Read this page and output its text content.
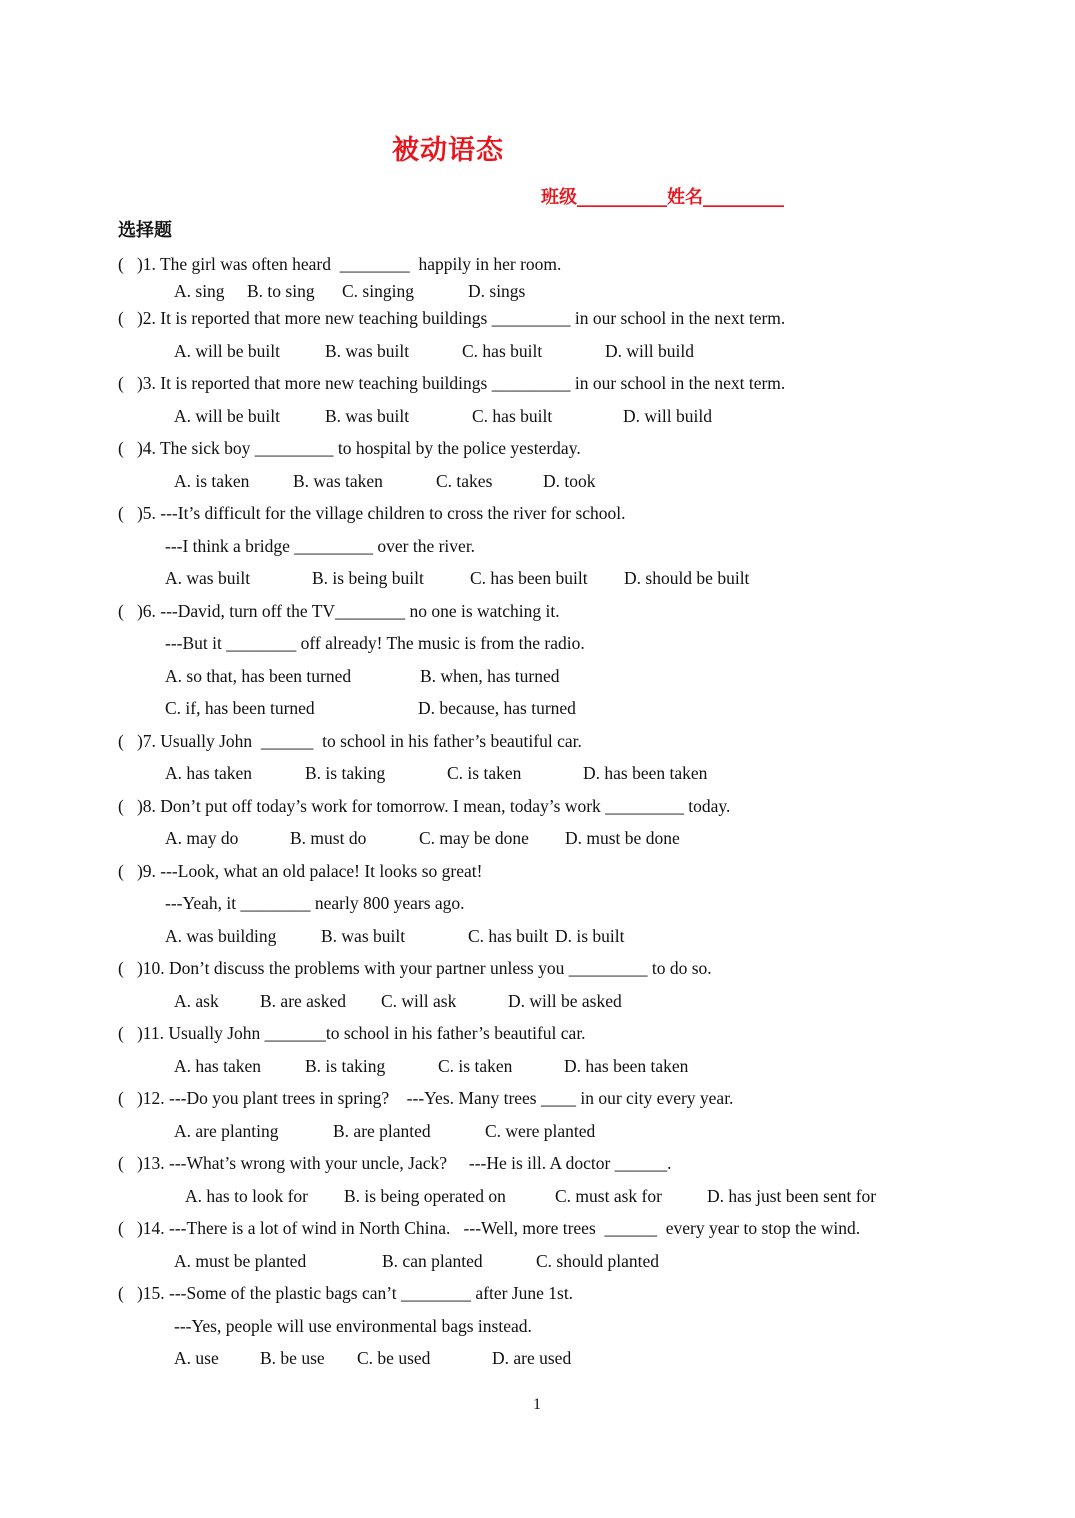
被动语态
班级__________姓名_________
选择题
(   )1. The girl was often heard  ________  happily in her room.
A. sing B. to sing C. singing	D. sings
(   )2. It is reported that more new teaching buildings _________ in our school in the next term.
A. will be built	B. was built	C. has built	D. will build
(   )3. It is reported that more new teaching buildings _________ in our school in the next term.
A. will be built	B. was built	C. has built	D. will build
(   )4. The sick boy _________ to hospital by the police yesterday.
A. is taken B. was taken	C. takes	D. took
(   )5. ---It’s difficult for the village children to cross the river for school.
---I think a bridge _________ over the river.
A. was built	B. is being built	C. has been built D. should be built
(   )6. ---David, turn off the TV________ no one is watching it.
---But it ________ off already! The music is from the radio.
A. so that, has been turned	B. when, has turned
C. if, has been turned	D. because, has turned
(   )7. Usually John  ______  to school in his father’s beautiful car.
A. has taken	B. is taking	C. is taken	D. has been taken
(   )8. Don’t put off today’s work for tomorrow. I mean, today’s work _________ today.
A. may do	B. must do	C. may be done D. must be done
(   )9. ---Look, what an old palace! It looks so great!
---Yeah, it ________ nearly 800 years ago.
A. was building	B. was built	C. has built D. is built
(   )10. Don’t discuss the problems with your partner unless you _________ to do so.
A. ask B. are asked C. will ask	D. will be asked
(   )11. Usually John _______to school in his father’s beautiful car.
A. has taken	B. is taking	C. is taken	D. has been taken
(   )12. ---Do you plant trees in spring?    ---Yes. Many trees ____ in our city every year.
A. are planting	B. are planted	C. were planted
(   )13. ---What’s wrong with your uncle, Jack?     ---He is ill. A doctor ______.
A. has to look for B. is being operated on	C. must ask for	D. has just been sent for
(   )14. ---There is a lot of wind in North China.   ---Well, more trees  ______  every year to stop the wind.
A. must be planted	B. can planted	C. should planted
(   )15. ---Some of the plastic bags can’t ________ after June 1st.
---Yes, people will use environmental bags instead.
A. use B. be use C. be used	D. are used
1
